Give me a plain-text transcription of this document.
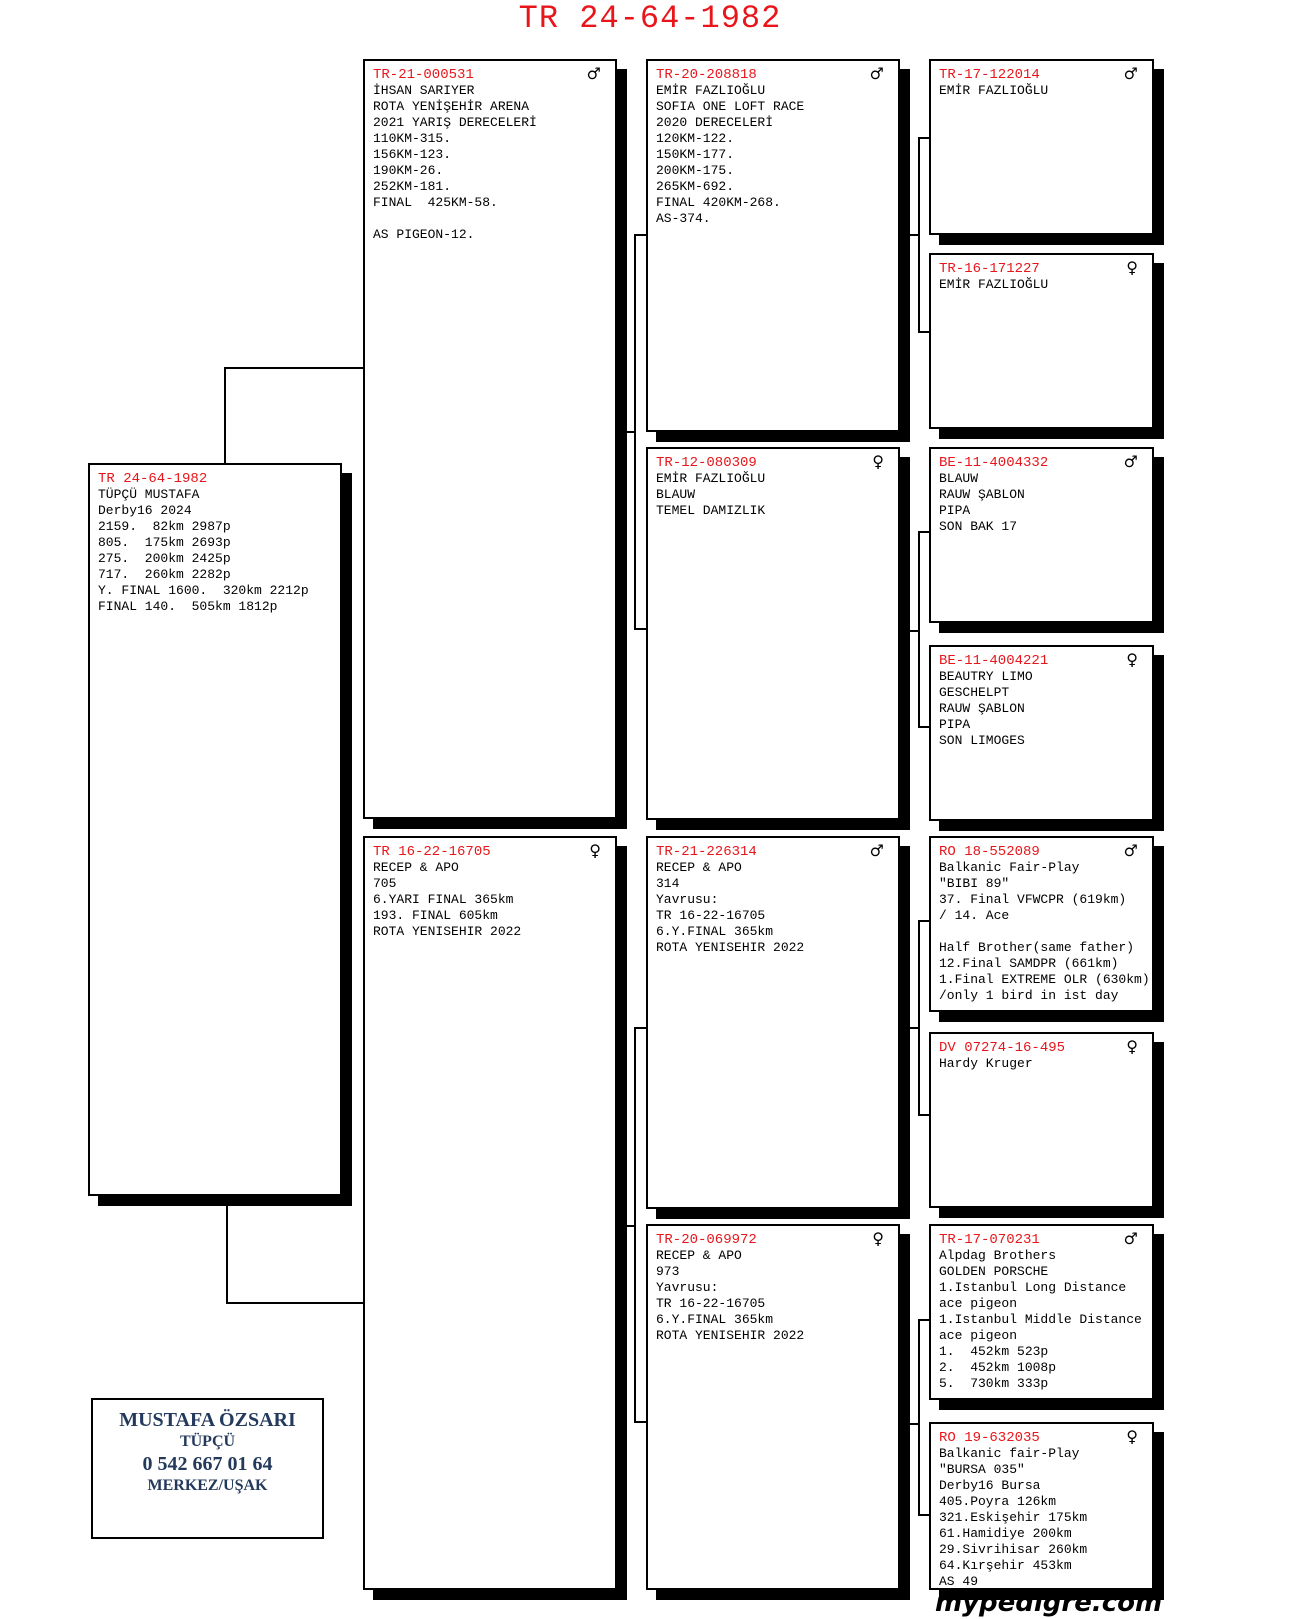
TR 24-64-1982
TR 24-64-1982
TÜPÇÜ MUSTAFA
Derby16 2024
2159.  82km 2987p
805.  175km 2693p
275.  200km 2425p
717.  260km 2282p
Y. FINAL 1600.  320km 2212p
FINAL 140.  505km 1812p
♂
TR-21-000531
İHSAN SARIYER
ROTA YENİŞEHİR ARENA
2021 YARIŞ DERECELERİ
110KM-315.
156KM-123.
190KM-26.
252KM-181.
FINAL  425KM-58.

AS PIGEON-12.
♀
TR 16-22-16705
RECEP & APO
705
6.YARI FINAL 365km
193. FINAL 605km
ROTA YENISEHIR 2022
♂
TR-20-208818
EMİR FAZLIOĞLU
SOFIA ONE LOFT RACE
2020 DERECELERİ
120KM-122.
150KM-177.
200KM-175.
265KM-692.
FINAL 420KM-268.
AS-374.
♀
TR-12-080309
EMİR FAZLIOĞLU
BLAUW
TEMEL DAMIZLIK
♂
TR-21-226314
RECEP & APO
314
Yavrusu:
TR 16-22-16705
6.Y.FINAL 365km
ROTA YENISEHIR 2022
♀
TR-20-069972
RECEP & APO
973
Yavrusu:
TR 16-22-16705
6.Y.FINAL 365km
ROTA YENISEHIR 2022
♂
TR-17-122014
EMİR FAZLIOĞLU
♀
TR-16-171227
EMİR FAZLIOĞLU
♂
BE-11-4004332
BLAUW
RAUW ŞABLON
PIPA
SON BAK 17
♀
BE-11-4004221
BEAUTRY LIMO
GESCHELPT
RAUW ŞABLON
PIPA
SON LIMOGES
♂
RO 18-552089
Balkanic Fair-Play
"BIBI 89"
37. Final VFWCPR (619km)
/ 14. Ace

Half Brother(same father)
12.Final SAMDPR (661km)
1.Final EXTREME OLR (630km)
/only 1 bird in ist day
♀
DV 07274-16-495
Hardy Kruger
♂
TR-17-070231
Alpdag Brothers
GOLDEN PORSCHE
1.Istanbul Long Distance
ace pigeon
1.Istanbul Middle Distance
ace pigeon
1.  452km 523p
2.  452km 1008p
5.  730km 333p
♀
RO 19-632035
Balkanic fair-Play
"BURSA 035"
Derby16 Bursa
405.Poyra 126km
321.Eskişehir 175km
61.Hamidiye 200km
29.Sivrihisar 260km
64.Kırşehir 453km
AS 49
MUSTAFA ÖZSARI
TÜPÇÜ
0 542 667 01 64
MERKEZ/UŞAK
mypedigre.com
